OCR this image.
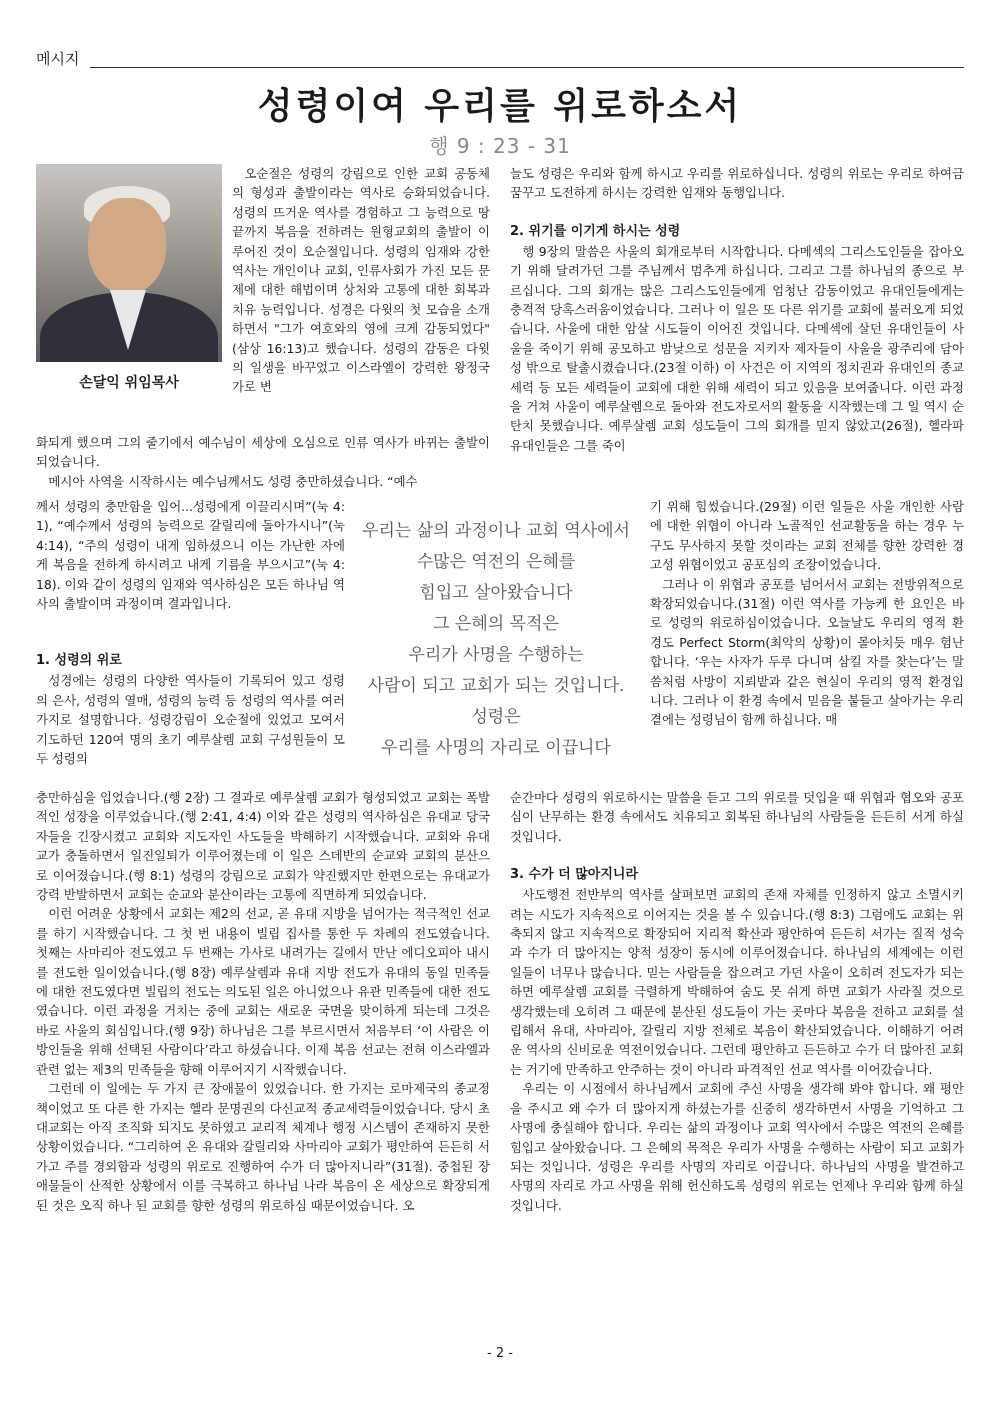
메시지
성령이여 우리를 위로하소서
행 9 : 23 - 31
손달익 위임목사

오순절은 성령의 강림으로 인한 교회 공동체의 형성과 출발이라는 역사로 승화되었습니다. 성령의 뜨거운 역사를 경험하고 그 능력으로 땅 끝까지 복음을 전하려는 원형교회의 출발이 이루어진 것이 오순절입니다. 성령의 임재와 강한 역사는 개인이나 교회, 인류사회가 가진 모든 문제에 대한 해법이며 상처와 고통에 대한 회복과 치유 능력입니다. 성경은 다윗의 첫 모습을 소개하면서 "그가 여호와의 영에 크게 감동되었다"(삼상 16:13)고 했습니다. 성령의 감동은 다윗의 일생을 바꾸었고 이스라엘이 강력한 왕정국가로 변

화되게 했으며 그의 줄기에서 예수님이 세상에 오심으로 인류 역사가 바뀌는 출발이 되었습니다.

메시아 사역을 시작하시는 예수님께서도 성령 충만하셨습니다. “예수

께서 성령의 충만함을 입어...성령에게 이끌리시며”(눅 4:1), “예수께서 성령의 능력으로 갈릴리에 돌아가시니”(눅 4:14), “주의 성령이 내게 임하셨으니 이는 가난한 자에게 복음을 전하게 하시려고 내게 기름을 부으시고”(눅 4:18). 이와 같이 성령의 임재와 역사하심은 모든 하나님 역사의 출발이며 과정이며 결과입니다.

1. 성령의 위로

성경에는 성령의 다양한 역사들이 기록되어 있고 성령의 은사, 성령의 열매, 성령의 능력 등 성령의 역사를 여러 가지로 설명합니다. 성령강림이 오순절에 있었고 모여서 기도하던 120여 명의 초기 예루살렘 교회 구성원들이 모두 성령의

충만하심을 입었습니다.(행 2장) 그 결과로 예루살렘 교회가 형성되었고 교회는 폭발적인 성장을 이루었습니다.(행 2:41, 4:4) 이와 같은 성령의 역사하심은 유대교 당국자들을 긴장시켰고 교회와 지도자인 사도들을 박해하기 시작했습니다. 교회와 유대교가 충돌하면서 일진일퇴가 이루어졌는데 이 일은 스데반의 순교와 교회의 분산으로 이어졌습니다.(행 8:1) 성령의 강림으로 교회가 약진했지만 한편으로는 유대교가 강력 반발하면서 교회는 순교와 분산이라는 고통에 직면하게 되었습니다.

이런 어려운 상황에서 교회는 제2의 선교, 곧 유대 지방을 넘어가는 적극적인 선교를 하기 시작했습니다. 그 첫 번 내용이 빌립 집사를 통한 두 차례의 전도였습니다. 첫째는 사마리아 전도였고 두 번째는 가사로 내려가는 길에서 만난 에디오피아 내시를 전도한 일이었습니다.(행 8장) 예루살렘과 유대 지방 전도가 유대의 동일 민족들에 대한 전도였다면 빌립의 전도는 의도된 일은 아니었으나 유관 민족들에 대한 전도였습니다. 이런 과정을 거치는 중에 교회는 새로운 국면을 맞이하게 되는데 그것은 바로 사울의 회심입니다.(행 9장) 하나님은 그를 부르시면서 처음부터 ‘이 사람은 이방인들을 위해 선택된 사람이다’라고 하셨습니다. 이제 복음 선교는 전혀 이스라엘과 관련 없는 제3의 민족들을 향해 이루어지기 시작했습니다.

그런데 이 일에는 두 가지 큰 장애물이 있었습니다. 한 가지는 로마제국의 종교정책이었고 또 다른 한 가지는 헬라 문명권의 다신교적 종교세력들이었습니다. 당시 초대교회는 아직 조직화 되지도 못하였고 교리적 체계나 행정 시스템이 존재하지 못한 상황이었습니다. “그리하여 온 유대와 갈릴리와 사마리아 교회가 평안하여 든든히 서 가고 주를 경외함과 성령의 위로로 진행하여 수가 더 많아지니라”(31절). 중첩된 장애물들이 산적한 상황에서 이를 극복하고 하나님 나라 복음이 온 세상으로 확장되게 된 것은 오직 하나 된 교회를 향한 성령의 위로하심 때문이었습니다. 오

우리는 삶의 과정이나 교회 역사에서
수많은 역전의 은혜를
힘입고 살아왔습니다
그 은혜의 목적은
우리가 사명을 수행하는
사람이 되고 교회가 되는 것입니다.
성령은
우리를 사명의 자리로 이끕니다

늘도 성령은 우리와 함께 하시고 우리를 위로하십니다. 성령의 위로는 우리로 하여금 꿈꾸고 도전하게 하시는 강력한 임재와 동행입니다.

2. 위기를 이기게 하시는 성령

행 9장의 말씀은 사울의 회개로부터 시작합니다. 다메섹의 그리스도인들을 잡아오기 위해 달려가던 그를 주님께서 멈추게 하십니다. 그리고 그를 하나님의 종으로 부르십니다. 그의 회개는 많은 그리스도인들에게 엄청난 감동이었고 유대인들에게는 충격적 당혹스러움이었습니다. 그러나 이 일은 또 다른 위기를 교회에 불러오게 되었습니다. 사울에 대한 암살 시도들이 이어진 것입니다. 다메섹에 살던 유대인들이 사울을 죽이기 위해 공모하고 밤낮으로 성문을 지키자 제자들이 사울을 광주리에 담아 성 밖으로 탈출시켰습니다.(23절 이하) 이 사건은 이 지역의 정치권과 유대인의 종교 세력 등 모든 세력들이 교회에 대한 위해 세력이 되고 있음을 보여줍니다. 이런 과정을 거쳐 사울이 예루살렘으로 돌아와 전도자로서의 활동을 시작했는데 그 일 역시 순탄치 못했습니다. 예루살렘 교회 성도들이 그의 회개를 믿지 않았고(26절), 헬라파 유대인들은 그를 죽이

기 위해 힘썼습니다.(29절) 이런 일들은 사울 개인한 사람에 대한 위협이 아니라 노골적인 선교활동을 하는 경우 누구도 무사하지 못할 것이라는 교회 전체를 향한 강력한 경고성 위협이었고 공포심의 조장이었습니다.

그러나 이 위협과 공포를 넘어서서 교회는 전방위적으로 확장되었습니다.(31절) 이런 역사를 가능케 한 요인은 바로 성령의 위로하심이었습니다. 오늘날도 우리의 영적 환경도 Perfect Storm(최악의 상황)이 몰아치듯 매우 험난합니다. ‘우는 사자가 두루 다니며 삼킬 자를 찾는다’는 말씀처럼 사방이 지뢰밭과 같은 현실이 우리의 영적 환경입니다. 그러나 이 환경 속에서 믿음을 붙들고 살아가는 우리 곁에는 성령님이 함께 하십니다. 매

순간마다 성령의 위로하시는 말씀을 듣고 그의 위로를 덧입을 때 위협과 협오와 공포심이 난무하는 환경 속에서도 치유되고 회복된 하나님의 사람들을 든든히 서게 하실 것입니다.

3. 수가 더 많아지니라

사도행전 전반부의 역사를 살펴보면 교회의 존재 자체를 인정하지 않고 소멸시키려는 시도가 지속적으로 이어지는 것을 볼 수 있습니다.(행 8:3) 그럼에도 교회는 위축되지 않고 지속적으로 확장되어 지리적 확산과 평안하여 든든히 서가는 질적 성숙과 수가 더 많아지는 양적 성장이 동시에 이루어졌습니다. 하나님의 세계에는 이런 일들이 너무나 많습니다. 믿는 사람들을 잡으려고 가던 사울이 오히려 전도자가 되는 하면 예루살렘 교회를 극렬하게 박해하여 숨도 못 쉬게 하면 교회가 사라질 것으로 생각했는데 오히려 그 때문에 분산된 성도들이 가는 곳마다 복음을 전하고 교회를 설립해서 유대, 사마리아, 갈릴리 지방 전체로 복음이 확산되었습니다. 이해하기 어려운 역사의 신비로운 역전이었습니다. 그런데 평안하고 든든하고 수가 더 많아진 교회는 거기에 만족하고 안주하는 것이 아니라 파격적인 선교 역사를 이어갔습니다.

우리는 이 시점에서 하나님께서 교회에 주신 사명을 생각해 봐야 합니다. 왜 평안을 주시고 왜 수가 더 많아지게 하셨는가를 신중히 생각하면서 사명을 기억하고 그 사명에 충실해야 합니다. 우리는 삶의 과정이나 교회 역사에서 수많은 역전의 은혜를 힘입고 살아왔습니다. 그 은혜의 목적은 우리가 사명을 수행하는 사람이 되고 교회가 되는 것입니다. 성령은 우리를 사명의 자리로 이끕니다. 하나님의 사명을 발견하고 사명의 자리로 가고 사명을 위해 헌신하도록 성령의 위로는 언제나 우리와 함께 하실 것입니다.

- 2 -
